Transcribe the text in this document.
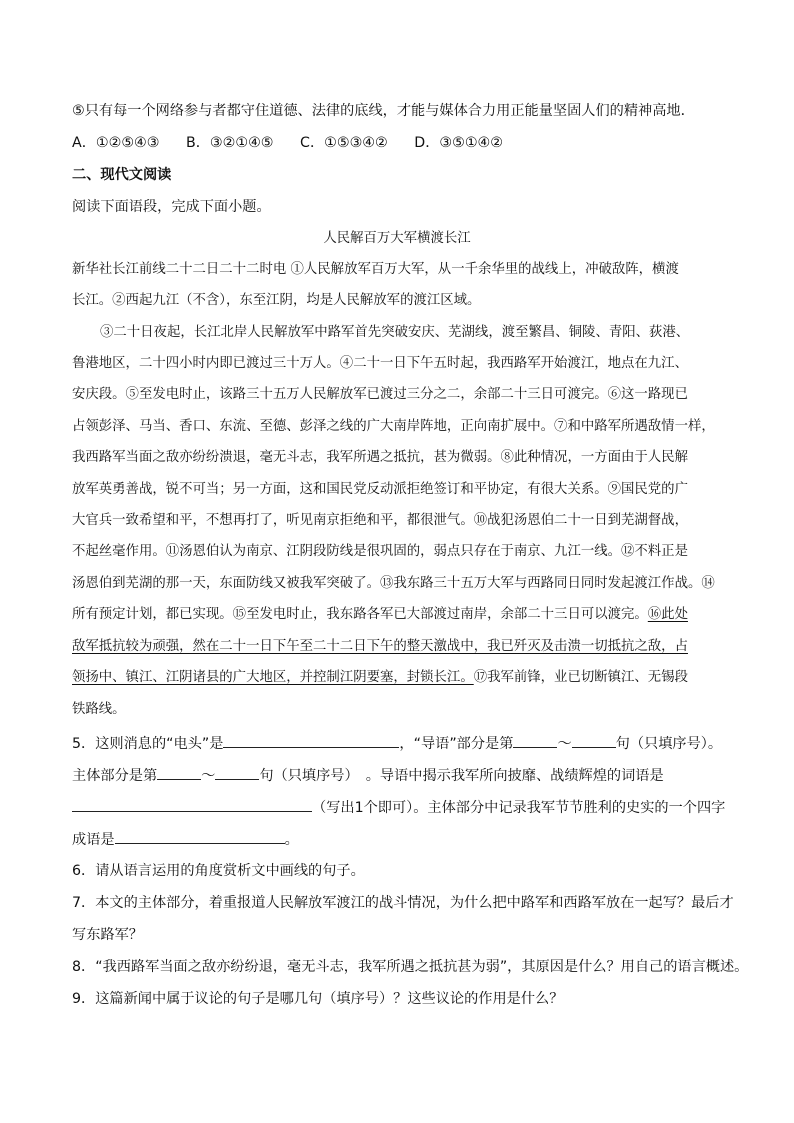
⑤只有每一个网络参与者都守住道德、法律的底线，才能与媒体合力用正能量坚固人们的精神高地．
A．①②⑤④③ B．③②①④⑤ C．①⑤③④② D．③⑤①④②
二、现代文阅读
阅读下面语段，完成下面小题。
人民解百万大军横渡长江
新华社长江前线二十二日二十二时电 ①人民解放军百万大军，从一千余华里的战线上，冲破敌阵，横渡
长江。②西起九江（不含），东至江阴，均是人民解放军的渡江区域。
③二十日夜起，长江北岸人民解放军中路军首先突破安庆、芜湖线，渡至繁昌、铜陵、青阳、荻港、
鲁港地区，二十四小时内即已渡过三十万人。④二十一日下午五时起，我西路军开始渡江，地点在九江、
安庆段。⑤至发电时止，该路三十五万人民解放军已渡过三分之二，余部二十三日可渡完。⑥这一路现已
占领彭泽、马当、香口、东流、至德、彭泽之线的广大南岸阵地，正向南扩展中。⑦和中路军所遇敌情一样，
我西路军当面之敌亦纷纷溃退，毫无斗志，我军所遇之抵抗，甚为微弱。⑧此种情况，一方面由于人民解
放军英勇善战，锐不可当；另一方面，这和国民党反动派拒绝签订和平协定，有很大关系。⑨国民党的广
大官兵一致希望和平，不想再打了，听见南京拒绝和平，都很泄气。⑩战犯汤恩伯二十一日到芜湖督战，
不起丝毫作用。⑪汤恩伯认为南京、江阴段防线是很巩固的，弱点只存在于南京、九江一线。⑫不料正是
汤恩伯到芜湖的那一天，东面防线又被我军突破了。⑬我东路三十五万大军与西路同日同时发起渡江作战。⑭
所有预定计划，都已实现。⑮至发电时止，我东路各军已大部渡过南岸，余部二十三日可以渡完。⑯此处
敌军抵抗较为顽强，然在二十一日下午至二十二日下午的整天激战中，我已歼灭及击溃一切抵抗之敌，占
领扬中、镇江、江阴诸县的广大地区，并控制江阴要塞，封锁长江。⑰我军前锋，业已切断镇江、无锡段
铁路线。
5．这则消息的“电头”是	，“导语”部分是第	～	句（只填序号）。
主体部分是第	～	句（只填序号）　。导语中揭示我军所向披靡、战绩辉煌的词语是
（写出1个即可）。主体部分中记录我军节节胜利的史实的一个四字
成语是	。
6．请从语言运用的角度赏析文中画线的句子。
7．本文的主体部分，着重报道人民解放军渡江的战斗情况，为什么把中路军和西路军放在一起写？最后才
写东路军？
8．“我西路军当面之敌亦纷纷退，毫无斗志，我军所遇之抵抗甚为弱”，其原因是什么？用自己的语言概述。
9．这篇新闻中属于议论的句子是哪几句（填序号）？这些议论的作用是什么？
